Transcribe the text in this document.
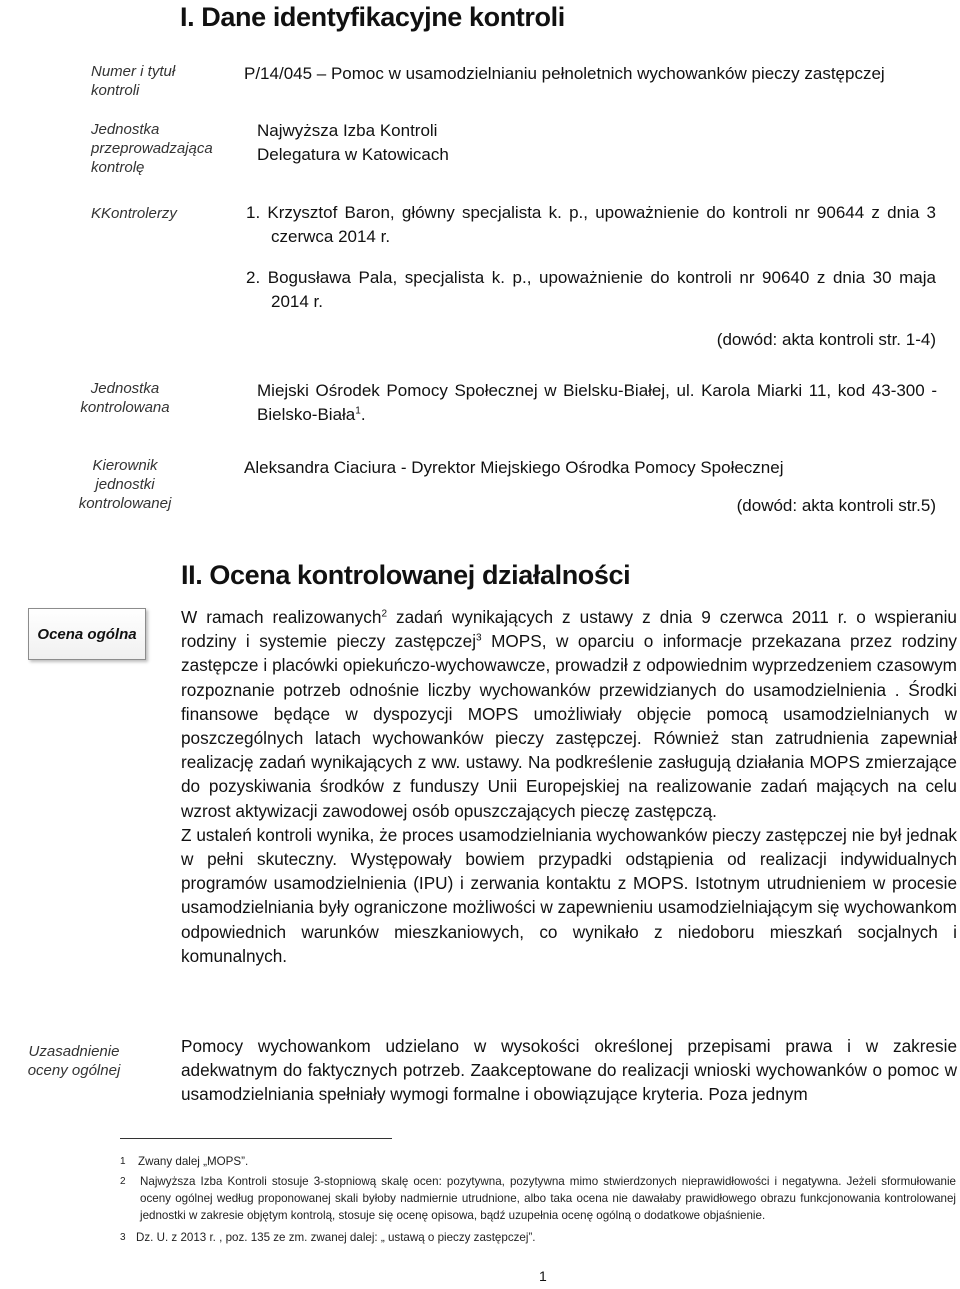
I. Dane identyfikacyjne kontroli
Numer i tytuł kontroli
P/14/045 – Pomoc w usamodzielnianiu pełnoletnich wychowanków pieczy zastępczej
Jednostka przeprowadzająca kontrolę
Najwyższa Izba Kontroli
Delegatura w Katowicach
KKontrolerzy	1. Krzysztof Baron, główny specjalista k. p., upoważnienie do kontroli nr 90644 z dnia 3 czerwca 2014 r.
2. Bogusława Pala, specjalista k. p., upoważnienie do kontroli nr 90640 z dnia 30 maja 2014 r.
(dowód: akta kontroli str. 1-4)
Jednostka kontrolowana
Miejski Ośrodek Pomocy Społecznej w Bielsku-Białej, ul. Karola Miarki 11, kod 43-300 - Bielsko-Biała$^1$.
Kierownik jednostki kontrolowanej
Aleksandra Ciaciura - Dyrektor Miejskiego Ośrodka Pomocy Społecznej
(dowód: akta kontroli str.5)
II. Ocena kontrolowanej działalności
Ocena ogólna

W ramach realizowanych$^2$ zadań wynikających z ustawy z dnia 9 czerwca 2011 r. o wspieraniu rodziny i systemie pieczy zastępczej$^3$ MOPS, w oparciu o informacje przekazana przez rodziny zastępcze i placówki opiekuńczo-wychowawcze, prowadził z odpowiednim wyprzedzeniem czasowym rozpoznanie potrzeb odnośnie liczby wychowanków przewidzianych do usamodzielnienia . Środki finansowe będące w dyspozycji MOPS umożliwiały objęcie pomocą usamodzielnianych w poszczególnych latach wychowanków pieczy zastępczej. Również stan zatrudnienia zapewniał realizację zadań wynikających z ww. ustawy. Na podkreślenie zasługują działania MOPS zmierzające do pozyskiwania środków z funduszy Unii Europejskiej na realizowanie zadań mających na celu wzrost aktywizacji zawodowej osób opuszczających pieczę zastępczą.

Z ustaleń kontroli wynika, że proces usamodzielniania wychowanków pieczy zastępczej nie był jednak w pełni skuteczny. Występowały bowiem przypadki odstąpienia od realizacji indywidualnych programów usamodzielnienia (IPU) i zerwania kontaktu z MOPS. Istotnym utrudnieniem w procesie usamodzielniania były ograniczone możliwości w zapewnieniu usamodzielniającym się wychowankom odpowiednich warunków mieszkaniowych, co wynikało z niedoboru mieszkań socjalnych i komunalnych.

Uzasadnienie oceny ogólnej
Pomocy wychowankom udzielano w wysokości określonej przepisami prawa i w zakresie adekwatnym do faktycznych potrzeb. Zaakceptowane do realizacji wnioski wychowanków o pomoc w usamodzielniania spełniały wymogi formalne i obowiązujące kryteria. Poza jednym
1 Zwany dalej „MOPS”.
2 Najwyższa Izba Kontroli stosuje 3-stopniową skalę ocen: pozytywna, pozytywna mimo stwierdzonych nieprawidłowości i negatywna. Jeżeli sformułowanie oceny ogólnej według proponowanej skali byłoby nadmiernie utrudnione, albo taka ocena nie dawałaby prawidłowego obrazu funkcjonowania kontrolowanej jednostki w zakresie objętym kontrolą, stosuje się ocenę opisowa, bądź uzupełnia ocenę ogólną o dodatkowe objaśnienie.
3 Dz. U. z 2013 r. , poz. 135 ze zm. zwanej dalej: „ ustawą o pieczy zastępczej”.
1
